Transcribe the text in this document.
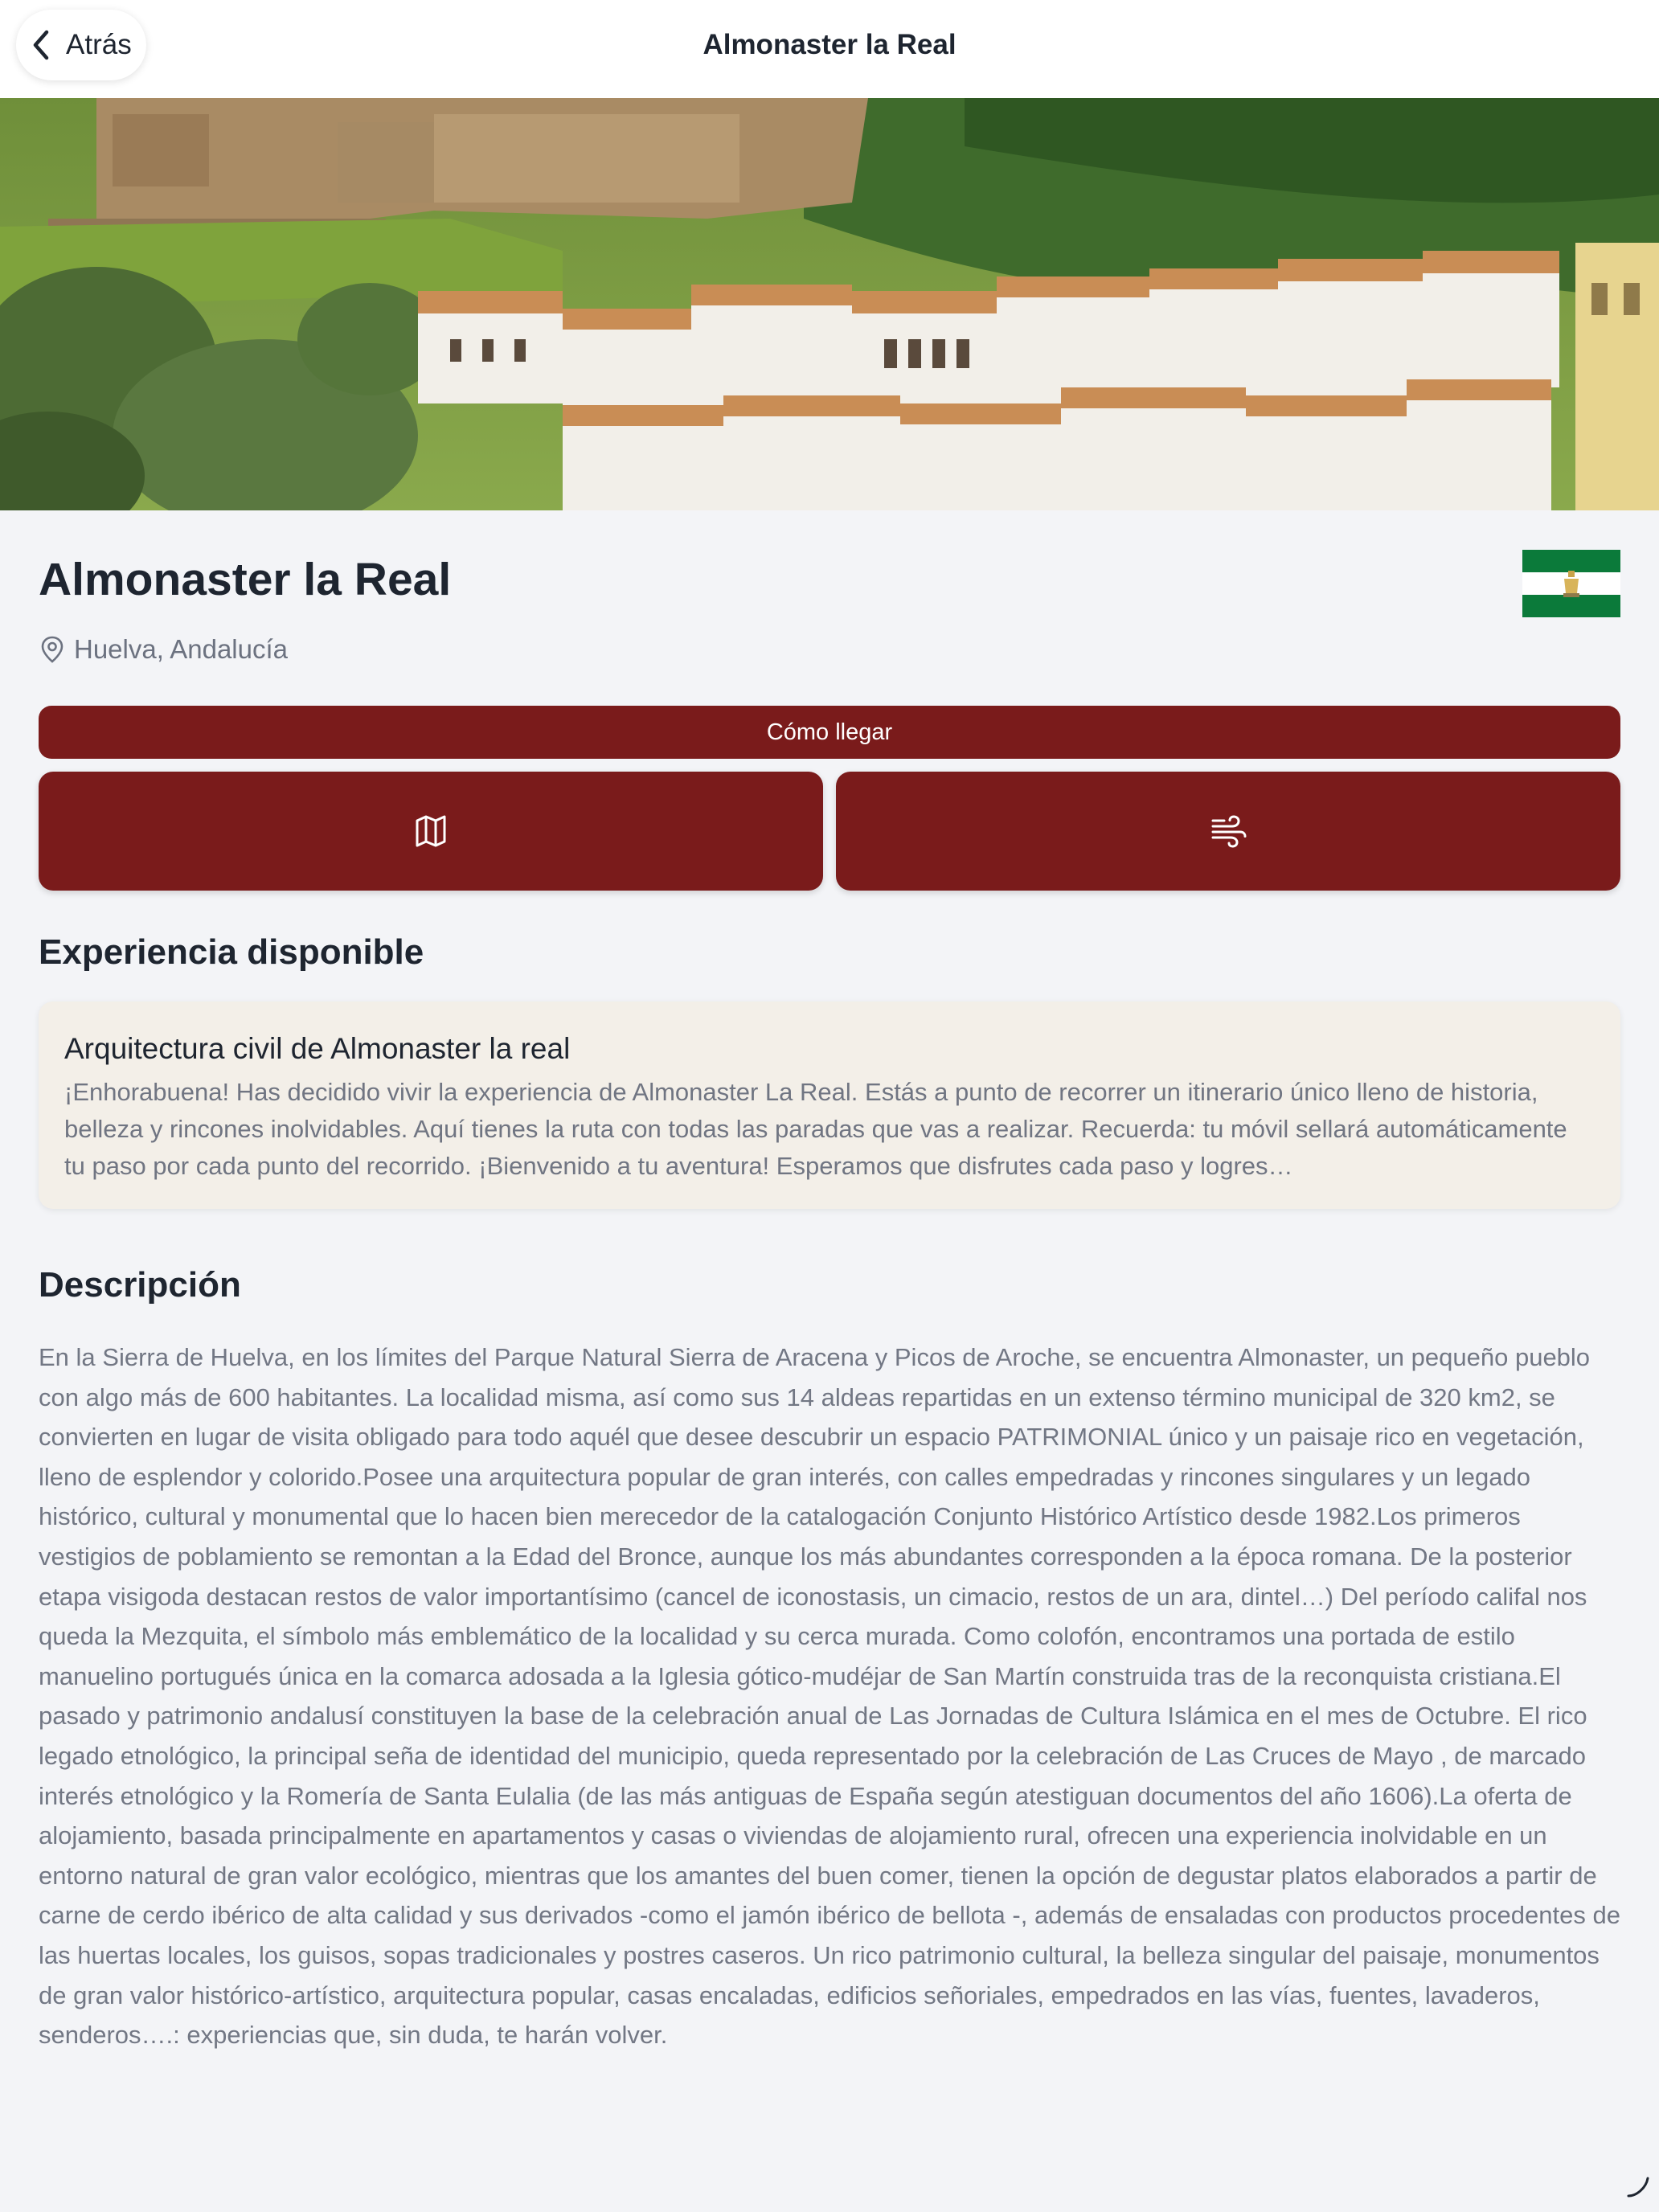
Almonaster la Real
Atrás
Almonaster la Real
Huelva, Andalucía
Cómo llegar
Experiencia disponible
Arquitectura civil de Almonaster la real
¡Enhorabuena! Has decidido vivir la experiencia de Almonaster La Real. Estás a punto de recorrer un itinerario único lleno de historia, belleza y rincones inolvidables. Aquí tienes la ruta con todas las paradas que vas a realizar. Recuerda: tu móvil sellará automáticamente tu paso por cada punto del recorrido. ¡Bienvenido a tu aventura! Esperamos que disfrutes cada paso y logres…
Descripción
En la Sierra de Huelva, en los límites del Parque Natural Sierra de Aracena y Picos de Aroche, se encuentra Almonaster, un pequeño pueblo con algo más de 600 habitantes. La localidad misma, así como sus 14 aldeas repartidas en un extenso término municipal de 320 km2, se convierten en lugar de visita obligado para todo aquél que desee descubrir un espacio PATRIMONIAL único y un paisaje rico en vegetación, lleno de esplendor y colorido.Posee una arquitectura popular de gran interés, con calles empedradas y rincones singulares y un legado histórico, cultural y monumental que lo hacen bien merecedor de la catalogación Conjunto Histórico Artístico desde 1982.Los primeros vestigios de poblamiento se remontan a la Edad del Bronce, aunque los más abundantes corresponden a la época romana. De la posterior etapa visigoda destacan restos de valor importantísimo (cancel de iconostasis, un cimacio, restos de un ara, dintel…) Del período califal nos queda la Mezquita, el símbolo más emblemático de la localidad y su cerca murada. Como colofón, encontramos una portada de estilo manuelino portugués única en la comarca adosada a la Iglesia gótico-mudéjar de San Martín construida tras de la reconquista cristiana.El pasado y patrimonio andalusí constituyen la base de la celebración anual de Las Jornadas de Cultura Islámica en el mes de Octubre. El rico legado etnológico, la principal seña de identidad del municipio, queda representado por la celebración de Las Cruces de Mayo , de marcado interés etnológico y la Romería de Santa Eulalia (de las más antiguas de España según atestiguan documentos del año 1606).La oferta de alojamiento, basada principalmente en apartamentos y casas o viviendas de alojamiento rural, ofrecen una experiencia inolvidable en un entorno natural de gran valor ecológico, mientras que los amantes del buen comer, tienen la opción de degustar platos elaborados a partir de carne de cerdo ibérico de alta calidad y sus derivados -como el jamón ibérico de bellota -, además de ensaladas con productos procedentes de las huertas locales, los guisos, sopas tradicionales y postres caseros. Un rico patrimonio cultural, la belleza singular del paisaje, monumentos de gran valor histórico-artístico, arquitectura popular, casas encaladas, edificios señoriales, empedrados en las vías, fuentes, lavaderos, senderos….: experiencias que, sin duda, te harán volver.
